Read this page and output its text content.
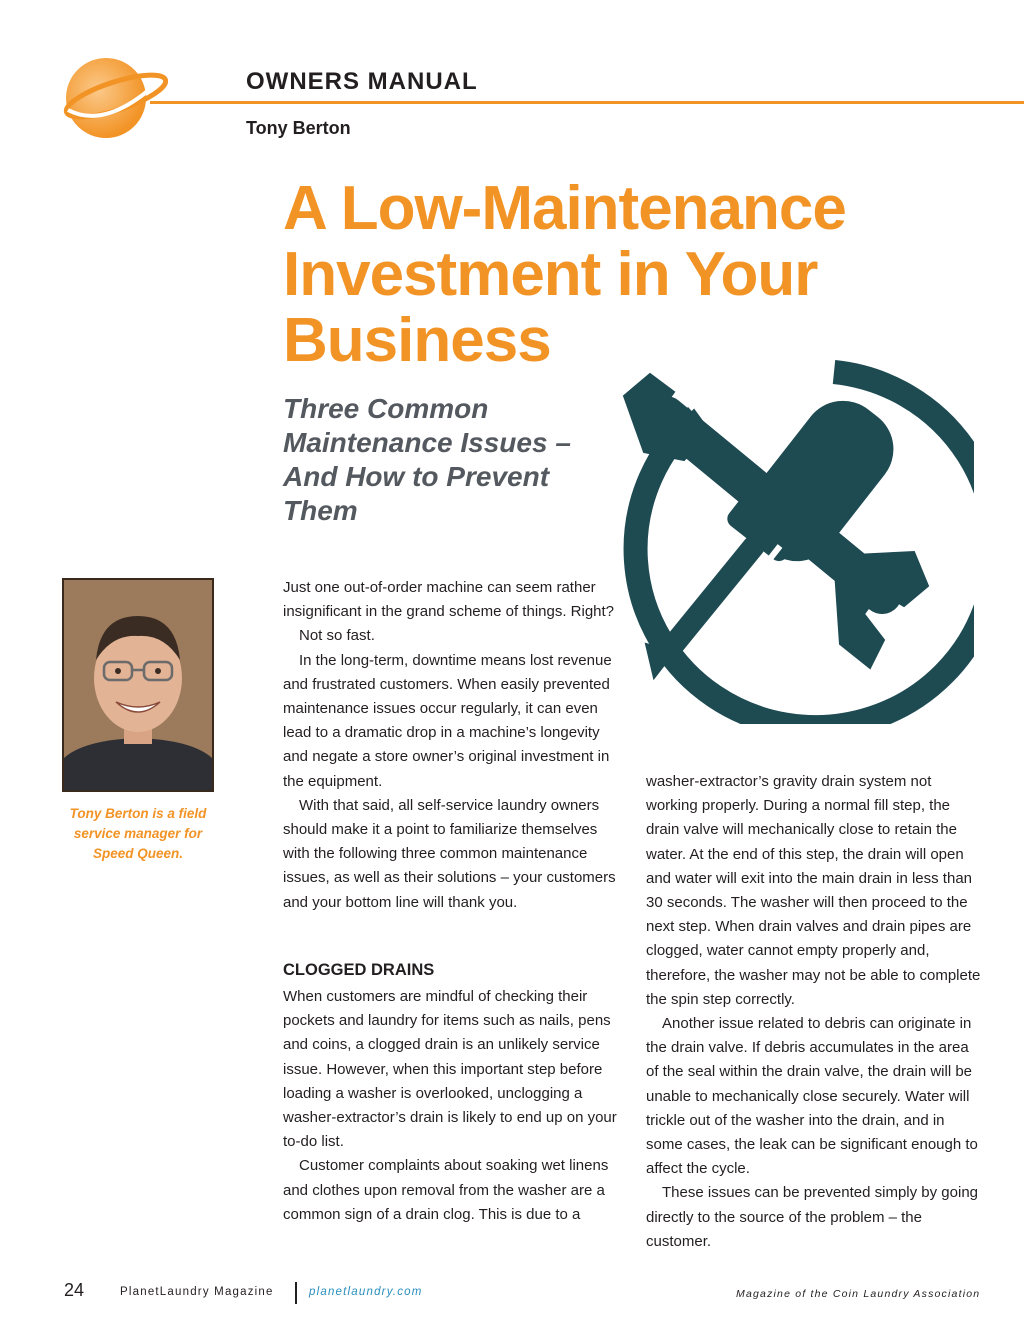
OWNERS MANUAL
Tony Berton
A Low-Maintenance Investment in Your Business
Three Common Maintenance Issues – And How to Prevent Them
Tony Berton is a field service manager for Speed Queen.

Just one out-of-order machine can seem rather insignificant in the grand scheme of things. Right?

Not so fast.

In the long-term, downtime means lost revenue and frustrated customers. When easily prevented maintenance issues occur regularly, it can even lead to a dramatic drop in a machine’s longevity and negate a store owner’s original investment in the equipment.

With that said, all self-service laundry owners should make it a point to familiarize themselves with the following three common maintenance issues, as well as their solutions – your customers and your bottom line will thank you.

CLOGGED DRAINS

When customers are mindful of checking their pockets and laundry for items such as nails, pens and coins, a clogged drain is an unlikely service issue. However, when this important step before loading a washer is overlooked, unclogging a washer-extractor’s drain is likely to end up on your to-do list.

Customer complaints about soaking wet linens and clothes upon removal from the washer are a common sign of a drain clog. This is due to a

washer-extractor’s gravity drain system not working properly. During a normal fill step, the drain valve will mechanically close to retain the water. At the end of this step, the drain will open and water will exit into the main drain in less than 30 seconds. The washer will then proceed to the next step. When drain valves and drain pipes are clogged, water cannot empty properly and, therefore, the washer may not be able to complete the spin step correctly.

Another issue related to debris can originate in the drain valve. If debris accumulates in the area of the seal within the drain valve, the drain will be unable to mechanically close securely. Water will trickle out of the washer into the drain, and in some cases, the leak can be significant enough to affect the cycle.

These issues can be prevented simply by going directly to the source of the problem – the customer.

24	PlanetLaundry Magazine	planetlaundry.com	Magazine of the Coin Laundry Association
